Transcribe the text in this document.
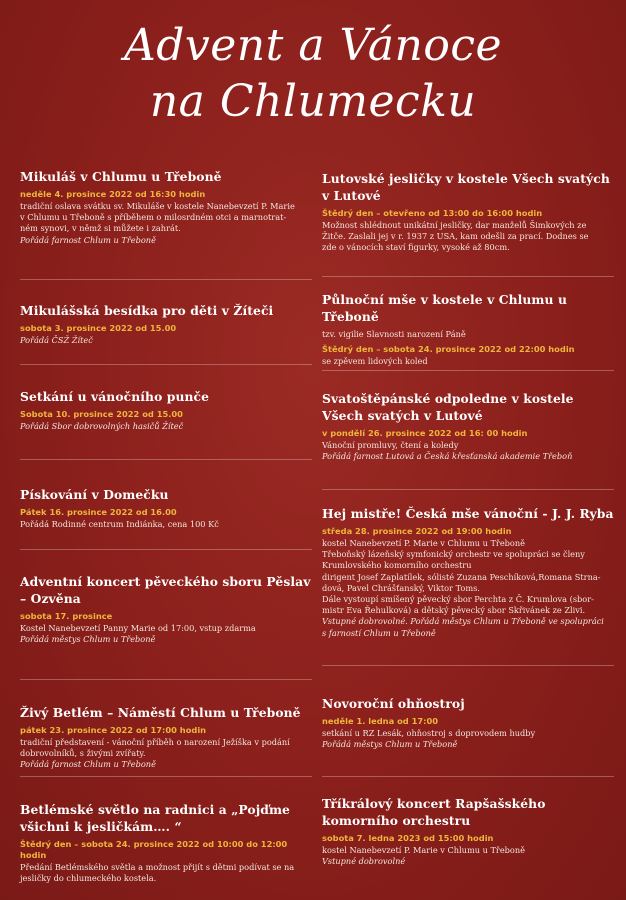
Advent a Vánoce
na Chlumecku
Mikuláš v Chlumu u Třeboně
neděle 4. prosince 2022 od 16:30 hodin

tradiční oslava svátku sv. Mikuláše v kostele Nanebevzetí P. Marie

v Chlumu u Třeboně s příběhem o milosrdném otci a marnotrat-

ném synovi, v němž si můžete i zahrát.

Pořádá farnost Chlum u Třeboně

Mikulášská besídka pro děti v Žíteči
sobota 3. prosince 2022 od 15.00

Pořádá ČSŽ Žíteč

Setkání u vánočního punče
Sobota 10. prosince 2022 od 15.00

Pořádá Sbor dobrovolných hasičů Žíteč

Pískování v Domečku
Pátek 16. prosince 2022 od 16.00

Pořádá Rodinné centrum Indiánka, cena 100 Kč

Adventní koncert pěveckého sboru Pěslav – Ozvěna
sobota 17. prosince

Kostel Nanebevzetí Panny Marie od 17:00, vstup zdarma

Pořádá městys Chlum u Třeboně

Živý Betlém – Náměstí Chlum u Třeboně
pátek 23. prosince 2022 od 17:00 hodin

tradiční představení - vánoční příběh o narození Ježíška v podání

dobrovolníků, s živými zvířaty.

Pořádá farnost Chlum u Třeboně

Betlémské světlo na radnici a „Pojďme všichni k jesličkám…. “
Štědrý den – sobota 24. prosince 2022 od 10:00 do 12:00 hodin

Předání Betlémského světla a možnost přijít s dětmi podívat se na

jesličky do chlumeckého kostela.

Lutovské jesličky v kostele Všech svatých v Lutové
Štědrý den – otevřeno od 13:00 do 16:00 hodin

Možnost shlédnout unikátní jesličky, dar manželů Šimkových ze

Žitče. Zaslali jej v r. 1937 z USA, kam odešli za prací. Dodnes se

zde o vánocích staví figurky, vysoké až 80cm.

Půlnoční mše v kostele v Chlumu u Třeboně

tzv. vigilie Slavnosti narození Páně

Štědrý den – sobota 24. prosince 2022 od 22:00 hodin

se zpěvem lidových koled

Svatoštěpánské odpoledne v kostele Všech svatých v Lutové
v pondělí 26. prosince 2022 od 16: 00 hodin

Vánoční promluvy, čtení a koledy

Pořádá farnost Lutová a Česká křesťanská akademie Třeboň

Hej mistře! Česká mše vánoční - J. J. Ryba
středa 28. prosince 2022 od 19:00 hodin

kostel Nanebevzetí P. Marie v Chlumu u Třeboně

Třeboňský lázeňský symfonický orchestr ve spolupráci se členy

Krumlovského komorního orchestru

dirigent Josef Zaplatílek, sólisté Zuzana Peschíková,Romana Strna-

dová, Pavel Chrášťanský, Viktor Toms.

Dále vystoupí smíšený pěvecký sbor Perchta z Č. Krumlova (sbor-

mistr Eva Řehulková) a dětský pěvecký sbor Skřivánek ze Zlivi.

Vstupné dobrovolné. Pořádá městys Chlum u Třeboně ve spolupráci

s farností Chlum u Třeboně

Novoroční ohňostroj
neděle 1. ledna od 17:00

setkání u RZ Lesák, ohňostroj s doprovodem hudby

Pořádá městys Chlum u Třeboně

Tříkrálový koncert Rapšašského komorního orchestru
sobota 7. ledna 2023 od 15:00 hodin

kostel Nanebevzetí P. Marie v Chlumu u Třeboně

Vstupné dobrovolné
